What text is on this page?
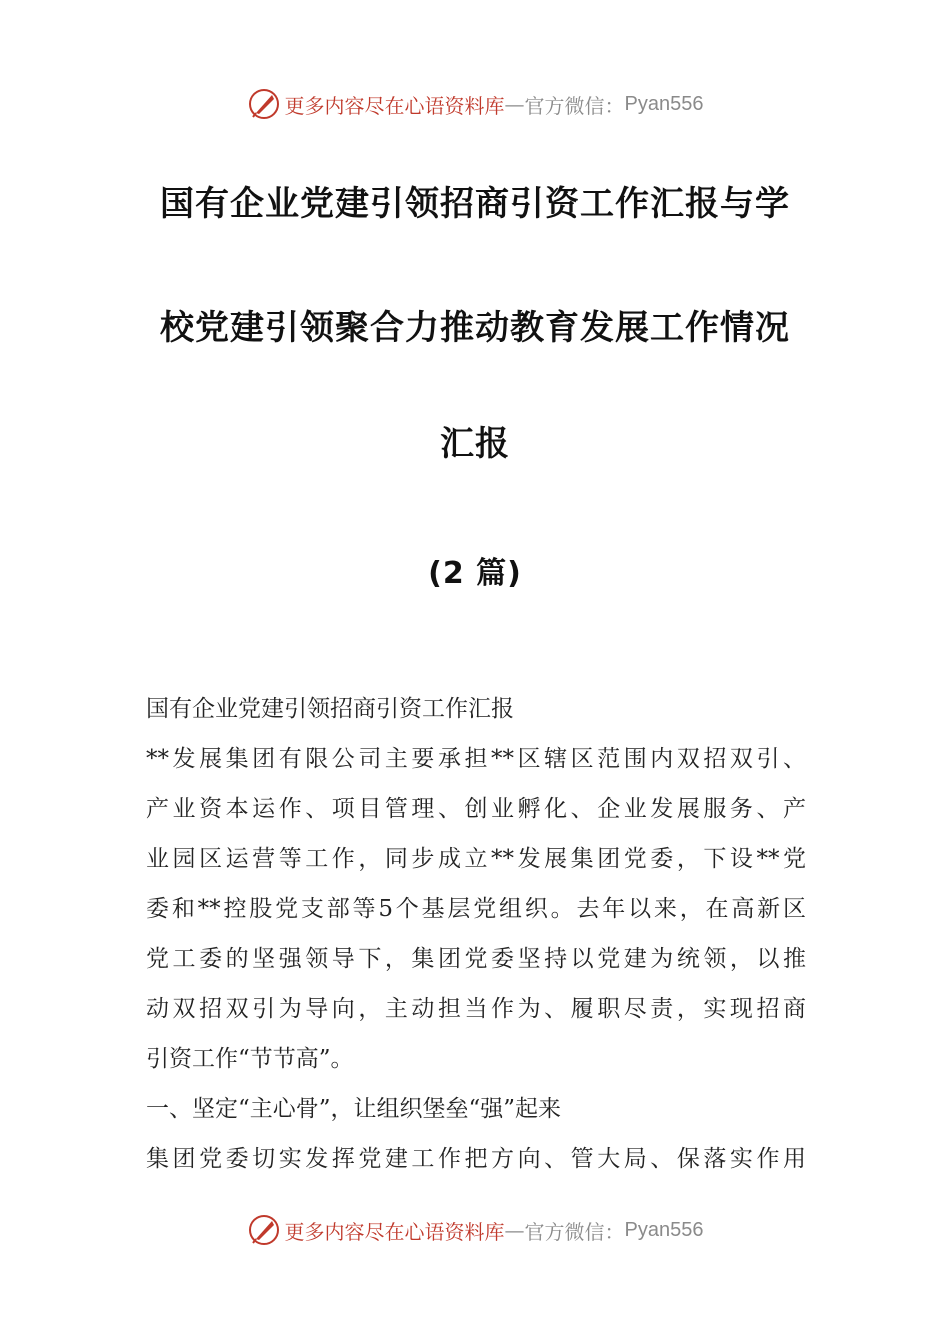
更多内容尽在心语资料库 — 官方微信： Pyan556
国有企业党建引领招商引资工作汇报与学
校党建引领聚合力推动教育发展工作情况
汇报
(2 篇)
国有企业党建引领招商引资工作汇报
**发展集团有限公司主要承担**区辖区范围内双招双引、
产业资本运作、项目管理、创业孵化、企业发展服务、产
业园区运营等工作，同步成立**发展集团党委，下设**党
委和**控股党支部等5个基层党组织。去年以来，在高新区
党工委的坚强领导下，集团党委坚持以党建为统领，以推
动双招双引为导向，主动担当作为、履职尽责，实现招商
引资工作“节节高”。
一、坚定“主心骨”，让组织堡垒“强”起来
集团党委切实发挥党建工作把方向、管大局、保落实作用
更多内容尽在心语资料库 — 官方微信： Pyan556
